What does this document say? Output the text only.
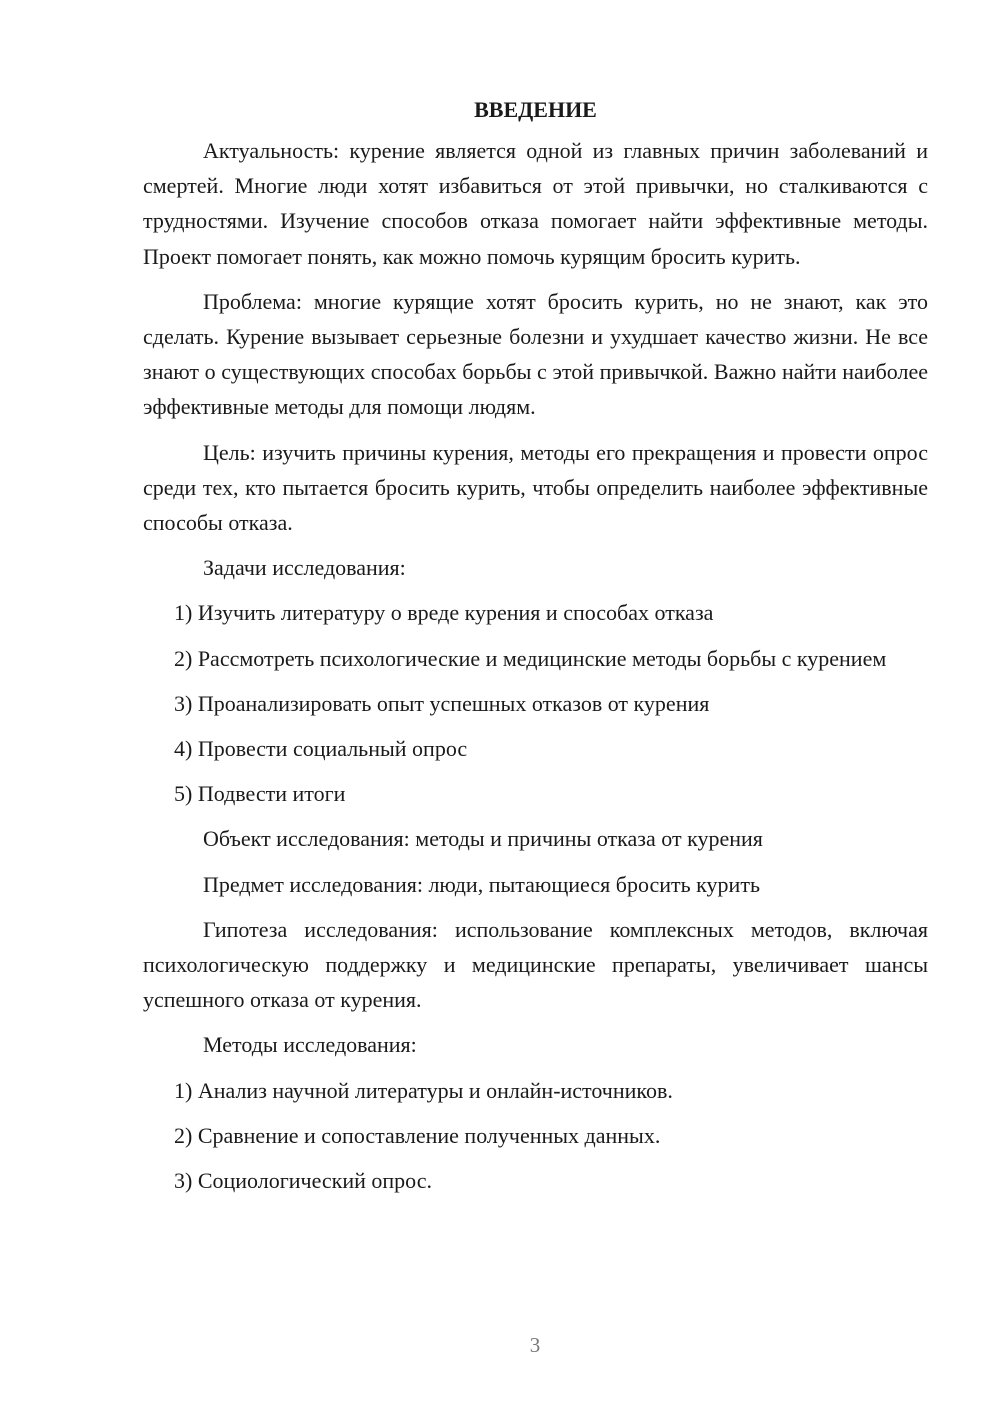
ВВЕДЕНИЕ

Актуальность: курение является одной из главных причин заболеваний и смертей. Многие люди хотят избавиться от этой привычки, но сталкиваются с трудностями. Изучение способов отказа помогает найти эффективные методы. Проект помогает понять, как можно помочь курящим бросить курить.

Проблема: многие курящие хотят бросить курить, но не знают, как это сделать. Курение вызывает серьезные болезни и ухудшает качество жизни. Не все знают о существующих способах борьбы с этой привычкой. Важно найти наиболее эффективные методы для помощи людям.

Цель: изучить причины курения, методы его прекращения и провести опрос среди тех, кто пытается бросить курить, чтобы определить наиболее эффективные способы отказа.

Задачи исследования:

1) Изучить литературу о вреде курения и способах отказа

2) Рассмотреть психологические и медицинские методы борьбы с курением

3) Проанализировать опыт успешных отказов от курения

4) Провести социальный опрос

5) Подвести итоги

Объект исследования: методы и причины отказа от курения

Предмет исследования: люди, пытающиеся бросить курить

Гипотеза исследования: использование комплексных методов, включая психологическую поддержку и медицинские препараты, увеличивает шансы успешного отказа от курения.

Методы исследования:

1) Анализ научной литературы и онлайн-источников.

2) Сравнение и сопоставление полученных данных.

3) Социологический опрос.

3
